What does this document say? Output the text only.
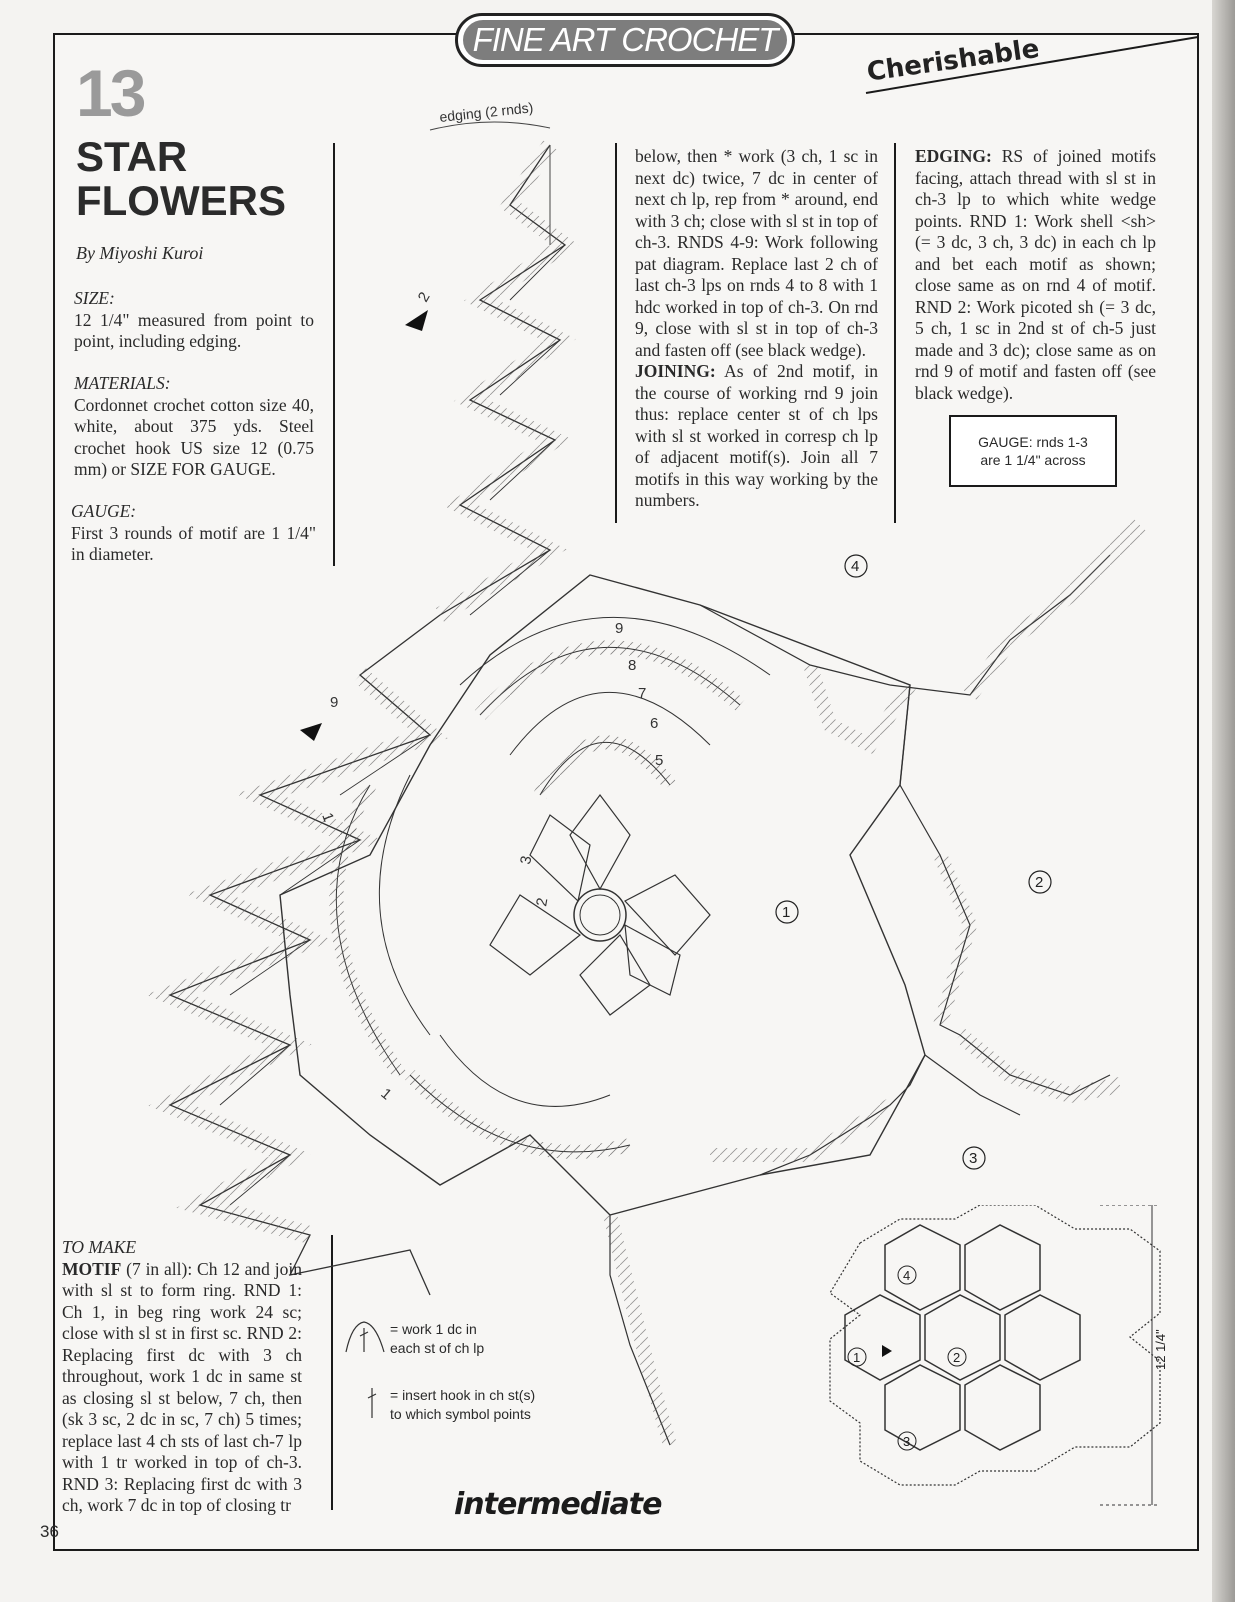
FINE ART CROCHET	Cherishable
13
STAR
FLOWERS
By Miyoshi Kuroi
SIZE:
12 1/4" measured from point to point, including edging.
MATERIALS:
Cordonnet crochet cotton size 40, white, about 375 yds. Steel crochet hook US size 12 (0.75 mm) or SIZE FOR GAUGE.
GAUGE:
First 3 rounds of motif are 1 1/4" in diameter.
below, then * work (3 ch, 1 sc in next dc) twice, 7 dc in center of next ch lp, rep from * around, end with 3 ch; close with sl st in top of ch-3. RNDS 4-9: Work following pat diagram. Replace last 2 ch of last ch-3 lps on rnds 4 to 8 with 1 hdc worked in top of ch-3. On rnd 9, close with sl st in top of ch-3 and fasten off (see black wedge).
JOINING: As of 2nd motif, in the course of working rnd 9 join thus: replace center st of ch lps with sl st worked in corresp ch lp of adjacent motif(s). Join all 7 motifs in this way working by the numbers.
EDGING: RS of joined motifs facing, attach thread with sl st in ch-3 lp to which white wedge points. RND 1: Work shell <sh> (= 3 dc, 3 ch, 3 dc) in each ch lp and bet each motif as shown; close same as on rnd 4 of motif. RND 2: Work picoted sh (= 3 dc, 5 ch, 1 sc in 2nd st of ch-5 just made and 3 dc); close same as on rnd 9 of motif and fasten off (see black wedge).
GAUGE: rnds 1-3
are 1 1/4" across
edging (2 rnds)
2
3
5
6
7
8
9
9
2
1
1
1
2
3
4
TO MAKE
MOTIF (7 in all): Ch 12 and join with sl st to form ring. RND 1: Ch 1, in beg ring work 24 sc; close with sl st in first sc. RND 2: Replacing first dc with 3 ch throughout, work 1 dc in same st as closing sl st below, 7 ch, then (sk 3 sc, 2 dc in sc, 7 ch) 5 times; replace last 4 ch sts of last ch-7 lp with 1 tr worked in top of ch-3. RND 3: Replacing first dc with 3 ch, work 7 dc in top of closing tr
= work 1 dc in
each st of ch lp
= insert hook in ch st(s)
to which symbol points
4
1	2
3
12 1/4"
36
intermediate
